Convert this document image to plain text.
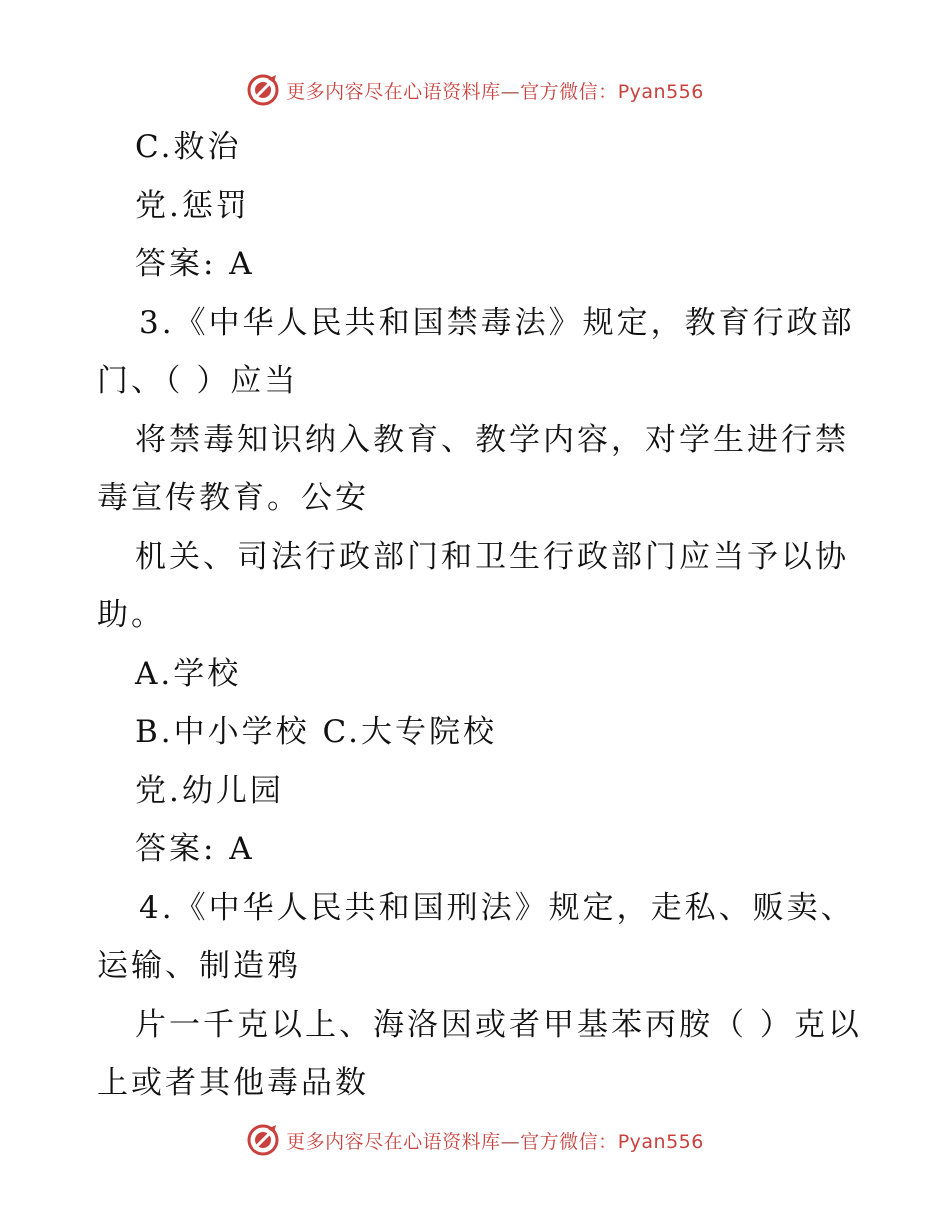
更多内容尽在心语资料库—官方微信：Pyan556
C.救治
党.惩罚
答案: A
3.《中华人民共和国禁毒法》规定，教育行政部
门、（ ）应当
将禁毒知识纳入教育、教学内容，对学生进行禁
毒宣传教育。公安
机关、司法行政部门和卫生行政部门应当予以协
助。
A.学校
B.中小学校 C.大专院校
党.幼儿园
答案: A
4.《中华人民共和国刑法》规定，走私、贩卖、
运输、制造鸦
片一千克以上、海洛因或者甲基苯丙胺（ ）克以
上或者其他毒品数
更多内容尽在心语资料库—官方微信：Pyan556
